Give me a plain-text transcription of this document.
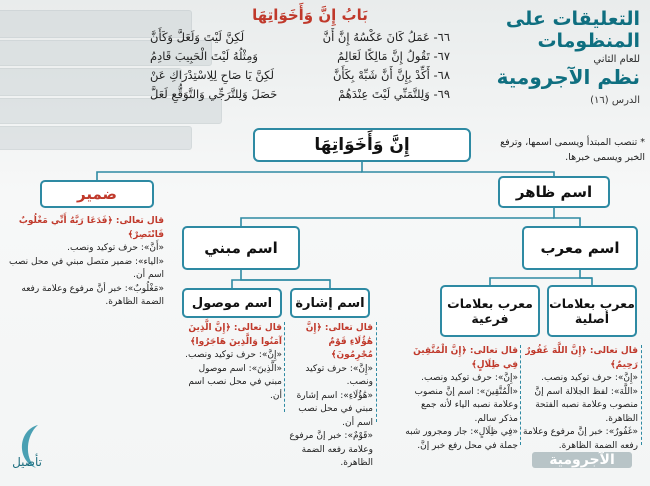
بَابُ إِنَّ وَأَخَوَاتِهَا
٦٦- عَمَلُ كَانَ عَكْسُهُ إِنَّ أَنَّ
لَكِنَّ لَيْتَ وَلَعَلَّ وَكَأَنَّ
٦٧- تَقُولُ إِنَّ مَالِكًا لَعَالِمُ
وَمِثْلُهُ لَيْتَ الْحَبِيبَ قَادِمُ
٦٨- أَكِّدْ بِإِنَّ أَنَّ شَبِّهْ بِكَأَنَّ
لَكِنَّ يَا صَاحِ لِلِاسْتِدْرَاكِ عَنْ
٦٩- وَلِلتَّمَنِّي لَيْتَ عِنْدَهُمْ
حَصَلَ وَلِلتَّرَجِّي وَالتَّوَقُّعِ لَعَلَّ
التعليقات على المنظومات
للعام الثاني
نظم الآجرومية
الدرس (١٦)
إِنَّ وَأَخَوَاتِهَا	* تنصب المبتدأ ويسمى اسمها، وترفع الخبر ويسمى خبرها.
اسم ظاهر
ضمير
اسم معرب
اسم مبني
معرب بعلامات أصلية
معرب بعلامات فرعية
اسم إشارة
اسم موصول
قال تعالى: ﴿فَدَعَا رَبَّهُ أَنِّي مَغْلُوبٌ فَانْتَصِرْ﴾
«أَنَّ»: حرف توكيد ونصب.
«الياء»: ضمير متصل مبني في محل نصب اسم أن.
«مَغْلُوبٌ»: خبر أنَّ مرفوع وعلامة رفعه الضمة الظاهرة.
قال تعالى: ﴿إِنَّ اللَّهَ غَفُورٌ رَحِيمٌ﴾
«إِنَّ»: حرف توكيد ونصب.
«اللَّهَ»: لفظ الجلالة اسم إنَّ منصوب وعلامة نصبه الفتحة الظاهرة.
«غَفُورٌ»: خبر إنَّ مرفوع وعلامة رفعه الضمة الظاهرة.
قال تعالى: ﴿إِنَّ الْمُتَّقِينَ فِي ظِلَالٍ﴾
«إِنَّ»: حرف توكيد ونصب.
«الْمُتَّقِينَ»: اسم إنَّ منصوب وعلامة نصبه الياء لأنه جمع مذكر سالم.
«فِي ظِلَالٍ»: جار ومجرور شبه جملة في محل رفع خبر إنَّ.
قال تعالى: ﴿إِنَّ هَٰؤُلَاءِ قَوْمٌ مُجْرِمُونَ﴾
«إِنَّ»: حرف توكيد ونصب.
«هَٰؤُلَاءِ»: اسم إشارة مبني في محل نصب اسم أن.
«قَوْمٌ»: خبر إنَّ مرفوع وعلامة رفعه الضمة الظاهرة.
قال تعالى: ﴿إِنَّ الَّذِينَ آمَنُوا وَالَّذِينَ هَاجَرُوا﴾
«إِنَّ»: حرف توكيد ونصب.
«الَّذِينَ»: اسم موصول مبني في محل نصب اسم أن.
الآجرومية
تأصيل
